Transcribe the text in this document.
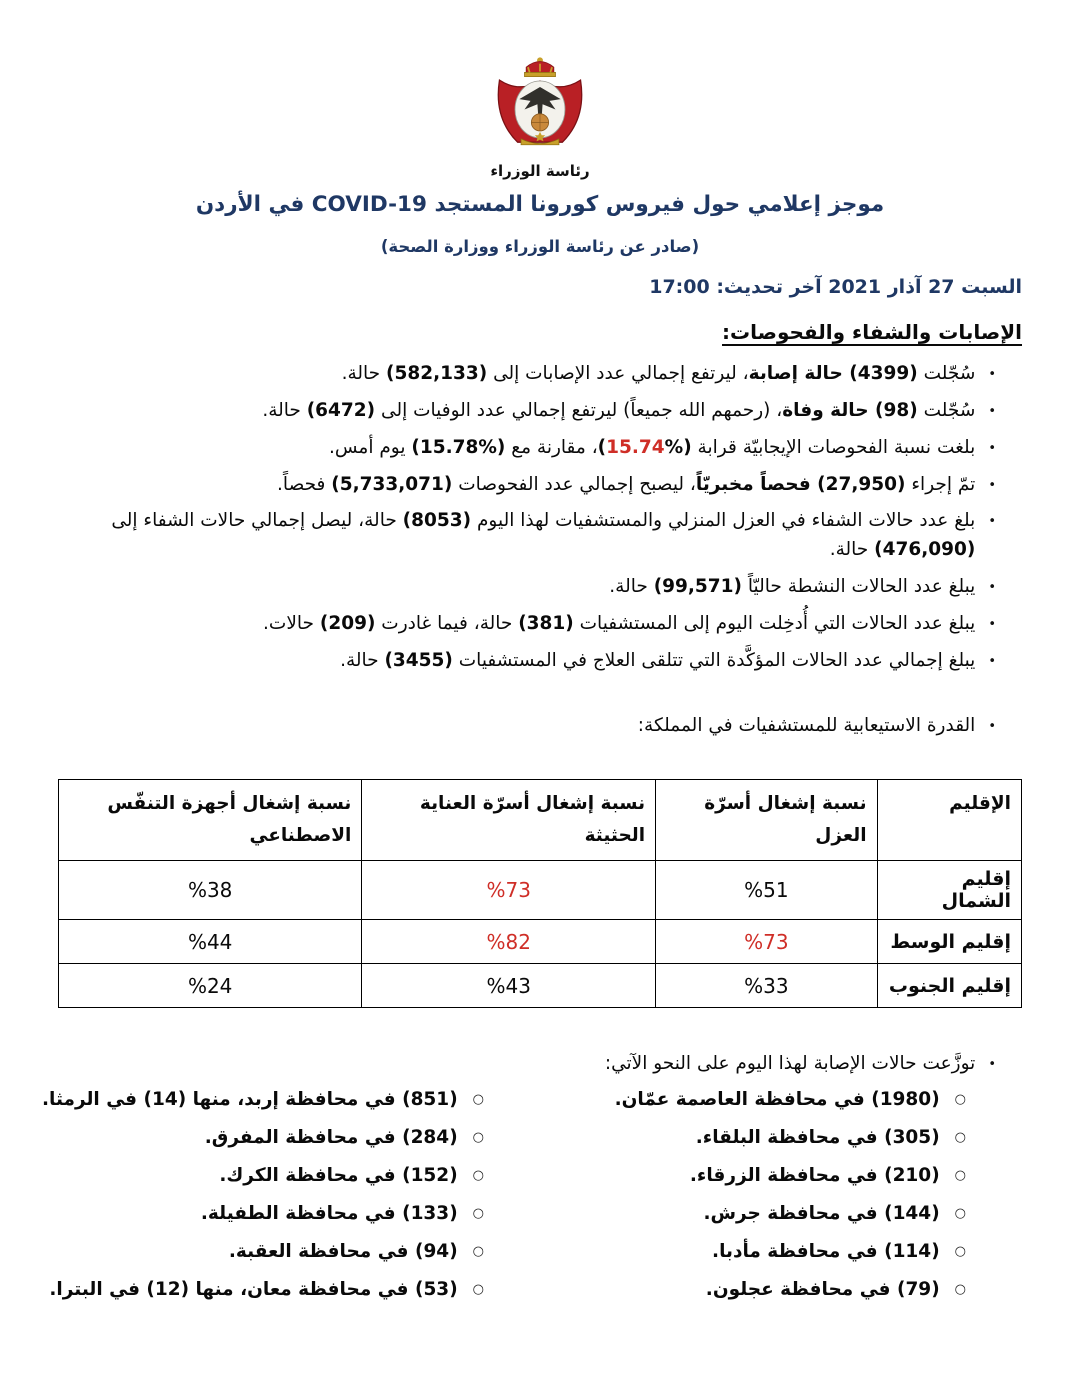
رئاسة الوزراء
موجز إعلامي حول فيروس كورونا المستجد COVID-19 في الأردن
(صادر عن رئاسة الوزراء ووزارة الصحة)
السبت 27 آذار 2021 آخر تحديث: 17:00
الإصابات والشفاء والفحوصات:
•
سُجّلت (4399) حالة إصابة، ليرتفع إجمالي عدد الإصابات إلى (582,133) حالة.
•
سُجّلت (98) حالة وفاة، (رحمهم الله جميعاً) ليرتفع إجمالي عدد الوفيات إلى (6472) حالة.
•
بلغت نسبة الفحوصات الإيجابيّة قرابة (%15.74)، مقارنة مع (%15.78) يوم أمس.
•
تمّ إجراء (27,950) فحصاً مخبريّاً، ليصبح إجمالي عدد الفحوصات (5,733,071) فحصاً.
•
بلغ عدد حالات الشفاء في العزل المنزلي والمستشفيات لهذا اليوم (8053) حالة، ليصل إجمالي حالات الشفاء إلى (476,090) حالة.
•
يبلغ عدد الحالات النشطة حاليّاً (99,571) حالة.
•
يبلغ عدد الحالات التي أُدخِلت اليوم إلى المستشفيات (381) حالة، فيما غادرت (209) حالات.
•
يبلغ إجمالي عدد الحالات المؤكَّدة التي تتلقى العلاج في المستشفيات (3455) حالة.
•
القدرة الاستيعابية للمستشفيات في المملكة:
الإقليم	نسبة إشغال أسرّة العزل	نسبة إشغال أسرّة العناية الحثيثة	نسبة إشغال أجهزة التنفّس الاصطناعي
إقليم الشمال	%51	%73	%38
إقليم الوسط	%73	%82	%44
إقليم الجنوب	%33	%43	%24
•
توزَّعت حالات الإصابة لهذا اليوم على النحو الآتي:
○
(1980) في محافظة العاصمة عمّان.
○
(305) في محافظة البلقاء.
○
(210) في محافظة الزرقاء.
○
(144) في محافظة جرش.
○
(114) في محافظة مأدبا.
○
(79) في محافظة عجلون.
○
(851) في محافظة إربد، منها (14) في الرمثا.
○
(284) في محافظة المفرق.
○
(152) في محافظة الكرك.
○
(133) في محافظة الطفيلة.
○
(94) في محافظة العقبة.
○
(53) في محافظة معان، منها (12) في البترا.
